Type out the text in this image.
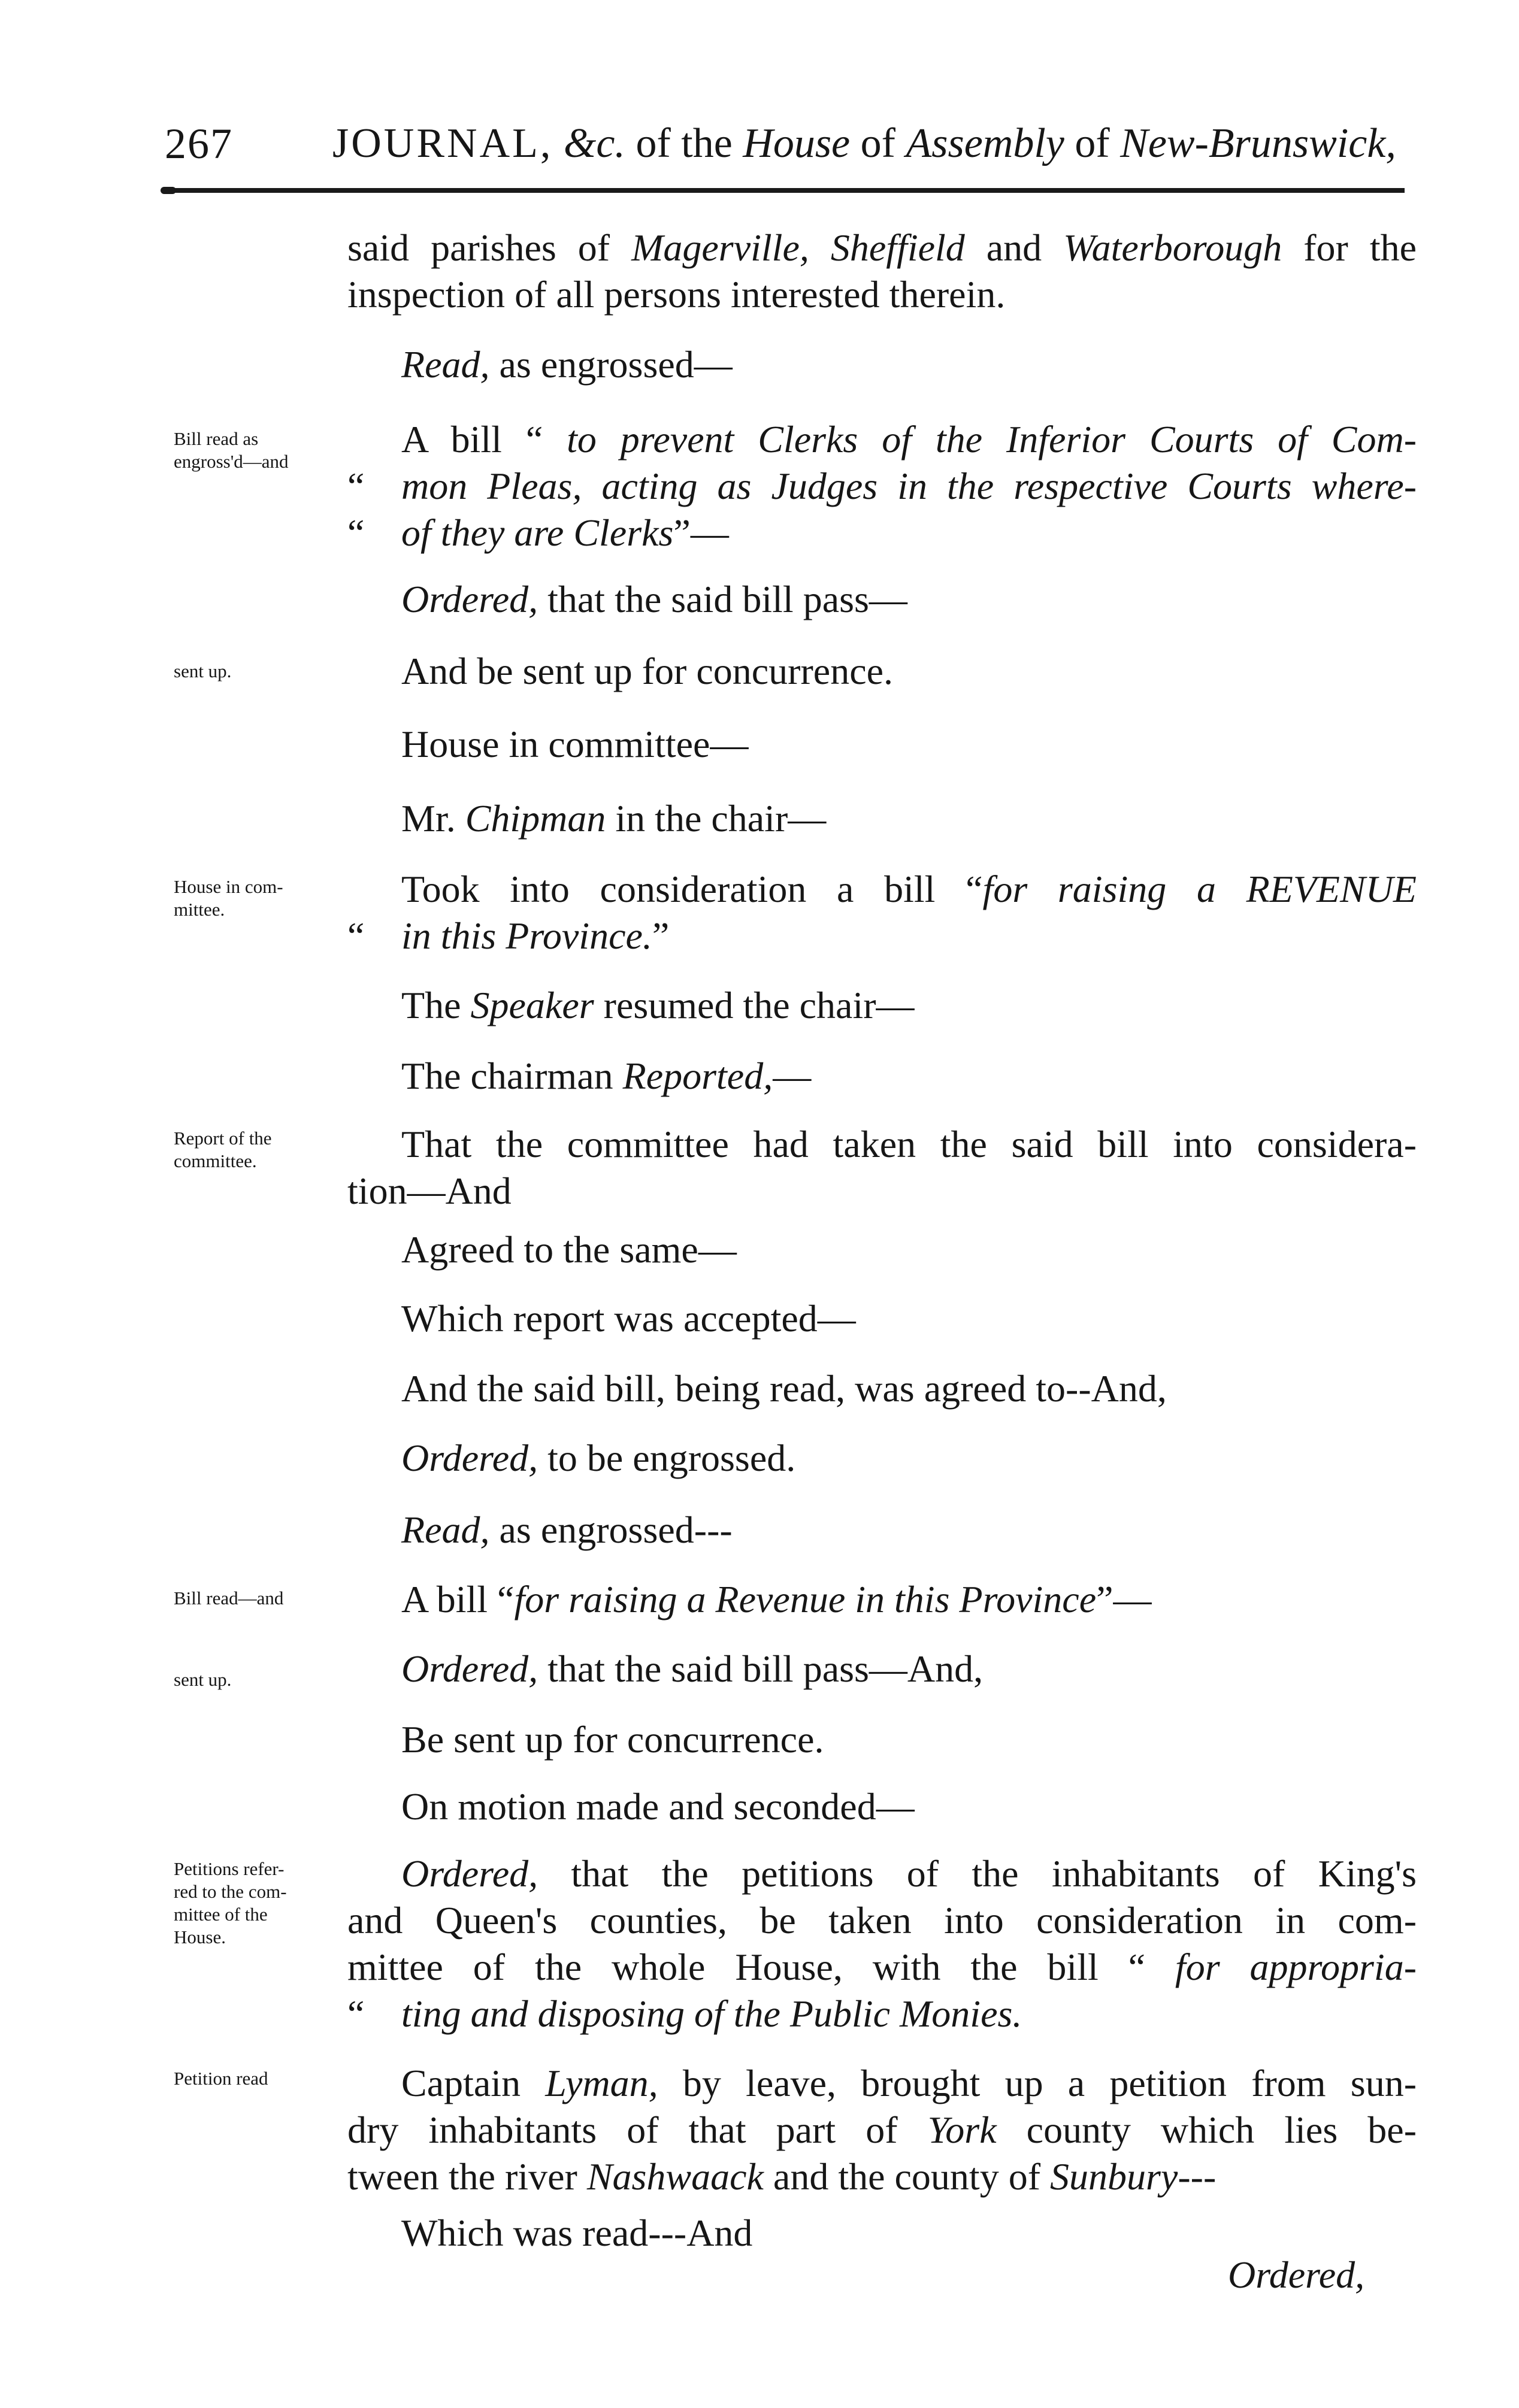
267 JOURNAL, &c. of the House of Assembly of New-Brunswick,
Bill read as
engross'd—and
sent up.
House in com-
mittee.
Report of the
committee.
Bill read—and
sent up.
Petitions refer-
red to the com-
mittee of the
House.
Petition read
said parishes of Magerville, Sheffield and Waterborough for the
inspection of all persons interested therein.
Read, as engrossed—
A bill “ to prevent Clerks of the Inferior Courts of Com-
“ mon Pleas, acting as Judges in the respective Courts where-
“ of they are Clerks”—
Ordered, that the said bill pass—
And be sent up for concurrence.
House in committee—
Mr. Chipman in the chair—
Took into consideration a bill “for raising a REVENUE
“ in this Province.”
The Speaker resumed the chair—
The chairman Reported,—
That the committee had taken the said bill into considera-
tion—And
Agreed to the same—
Which report was accepted—
And the said bill, being read, was agreed to--And,
Ordered, to be engrossed.
Read, as engrossed---
A bill “for raising a Revenue in this Province”—
Ordered, that the said bill pass—And,
Be sent up for concurrence.
On motion made and seconded—
Ordered, that the petitions of the inhabitants of King's
and Queen's counties, be taken into consideration in com-
mittee of the whole House, with the bill “ for appropria-
“ ting and disposing of the Public Monies.
Captain Lyman, by leave, brought up a petition from sun-
dry inhabitants of that part of York county which lies be-
tween the river Nashwaack and the county of Sunbury---
Which was read---And
Ordered,
